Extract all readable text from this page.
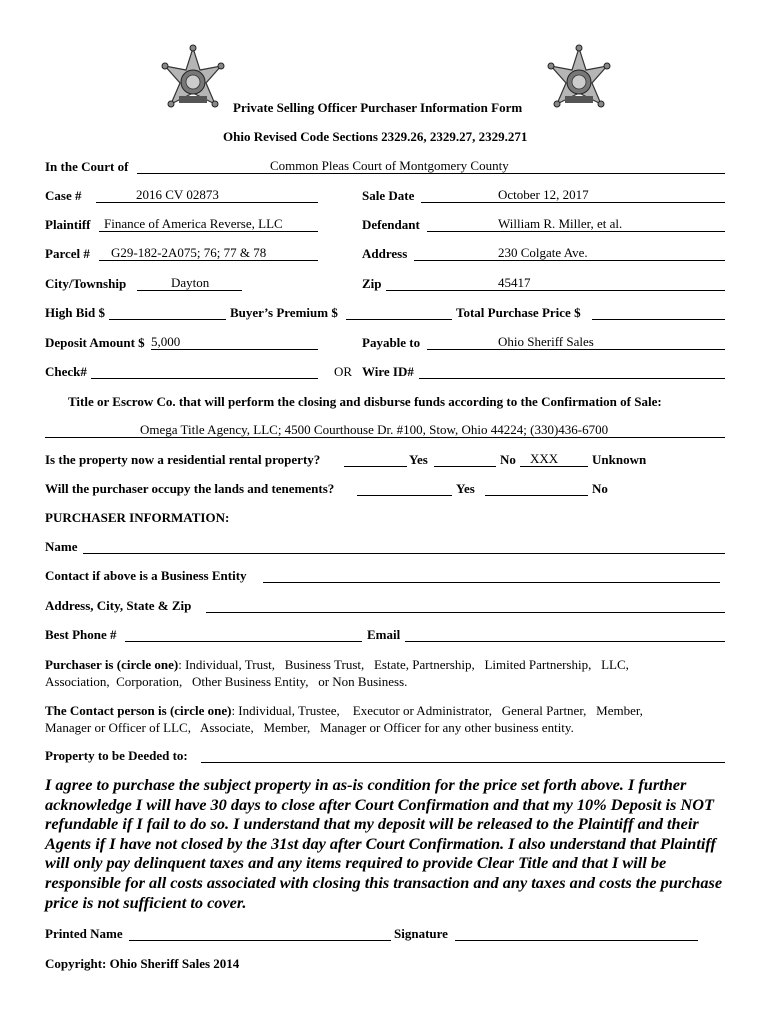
SHERIFF	SHERIFF
Private Selling Officer Purchaser Information Form
Ohio Revised Code Sections 2329.26, 2329.27, 2329.271
In the Court of	Common Pleas Court of Montgomery County
Case #	2016 CV 02873	Sale Date	October 12, 2017
Plaintiff Finance of America Reverse, LLC	Defendant	William R. Miller, et al.
Parcel # G29-182-2A075; 76; 77 & 78	Address	230 Colgate Ave.
City/Township	Dayton	Zip	45417
High Bid $	Buyer’s Premium $	Total Purchase Price $
Deposit Amount $ 5,000	Payable to	Ohio Sheriff Sales
Check#	OR Wire ID#
Title or Escrow Co. that will perform the closing and disburse funds according to the Confirmation of Sale:
Omega Title Agency, LLC; 4500 Courthouse Dr. #100, Stow, Ohio 44224; (330)436-6700
Is the property now a residential rental property?	Yes	No XXX	Unknown
Will the purchaser occupy the lands and tenements?	Yes	No
PURCHASER INFORMATION:
Name
Contact if above is a Business Entity
Address, City, State & Zip
Best Phone #	Email
Purchaser is (circle one): Individual, Trust,   Business Trust,   Estate, Partnership,   Limited Partnership,   LLC,
Association,  Corporation,   Other Business Entity,   or Non Business.
The Contact person is (circle one): Individual, Trustee,    Executor or Administrator,   General Partner,   Member,
Manager or Officer of LLC,   Associate,   Member,   Manager or Officer for any other business entity.
Property to be Deeded to:
I agree to purchase the subject property in as-is condition for the price set forth above. I further acknowledge I will have 30 days to close after Court Confirmation and that my 10% Deposit is NOT refundable if I fail to do so. I understand that my deposit will be released to the Plaintiff and their Agents if I have not closed by the 31st day after Court Confirmation. I also understand that Plaintiff will only pay delinquent taxes and any items required to provide Clear Title and that I will be responsible for all costs associated with closing this transaction and any taxes and costs the purchase price is not sufficient to cover.
Printed Name	Signature
Copyright: Ohio Sheriff Sales 2014
